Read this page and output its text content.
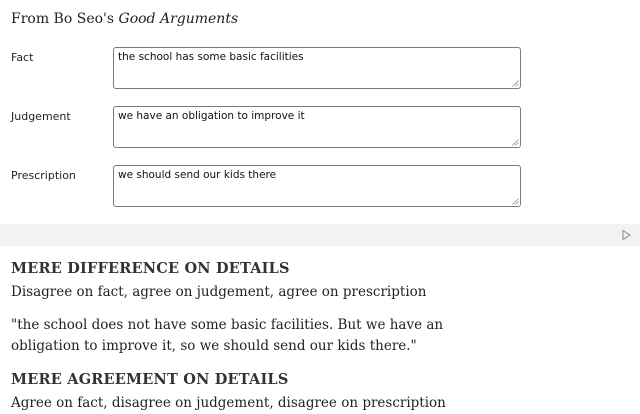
From Bo Seo's Good Arguments
Fact	the school has some basic facilities
Judgement	we have an obligation to improve it
Prescription	we should send our kids there
MERE DIFFERENCE ON DETAILS
Disagree on fact, agree on judgement, agree on prescription
"the school does not have some basic facilities. But we have an obligation to improve it, so we should send our kids there."
MERE AGREEMENT ON DETAILS
Agree on fact, disagree on judgement, disagree on prescription
